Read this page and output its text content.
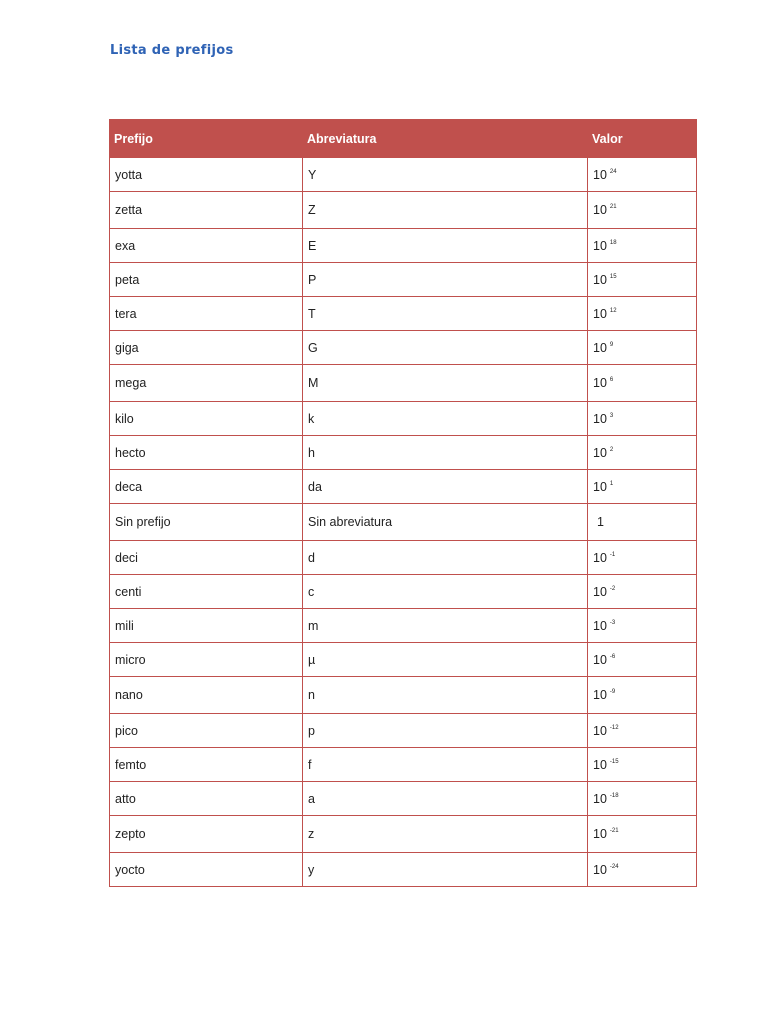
Lista de prefijos
Prefijo	Abreviatura	Valor
yotta	Y	10 $^{24}$
zetta	Z	10 $^{21}$
exa	E	10 $^{18}$
peta	P	10 $^{15}$
tera	T	10 $^{12}$
giga	G	10 $^9$
mega	M	10 $^6$
kilo	k	10 $^3$
hecto	h	10 $^2$
deca	da	10 $^1$
Sin prefijo	Sin abreviatura	1
deci	d	10 $^{-1}$
centi	c	10 $^{-2}$
mili	m	10 $^{-3}$
micro	µ	10 $^{-6}$
nano	n	10 $^{-9}$
pico	p	10 $^{-12}$
femto	f	10 $^{-15}$
atto	a	10 $^{-18}$
zepto	z	10 $^{-21}$
yocto	y	10 $^{-24}$
